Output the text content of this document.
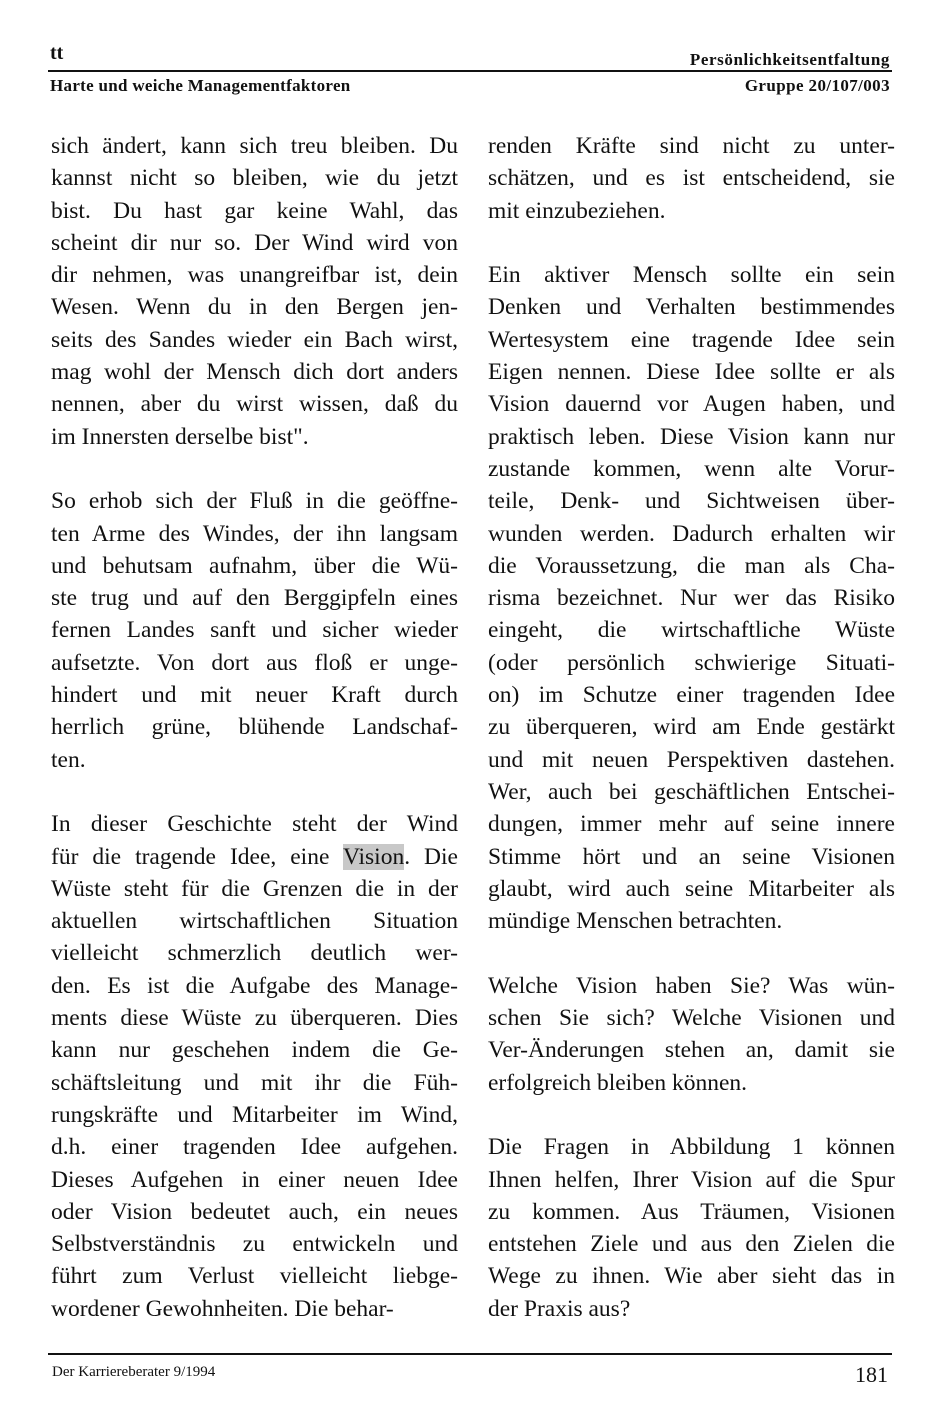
tt	Persönlichkeitsentfaltung
Harte und weiche Managementfaktoren	Gruppe 20/107/003
sich ändert, kann sich treu bleiben. Du
kannst nicht so bleiben, wie du jetzt
bist. Du hast gar keine Wahl, das
scheint dir nur so. Der Wind wird von
dir nehmen, was unangreifbar ist, dein
Wesen. Wenn du in den Bergen jen-
seits des Sandes wieder ein Bach wirst,
mag wohl der Mensch dich dort anders
nennen, aber du wirst wissen, daß du
im Innersten derselbe bist".
So erhob sich der Fluß in die geöffne-
ten Arme des Windes, der ihn langsam
und behutsam aufnahm, über die Wü-
ste trug und auf den Berggipfeln eines
fernen Landes sanft und sicher wieder
aufsetzte. Von dort aus floß er unge-
hindert und mit neuer Kraft durch
herrlich grüne, blühende Landschaf-
ten.
In dieser Geschichte steht der Wind
für die tragende Idee, eine Vision. Die
Wüste steht für die Grenzen die in der
aktuellen wirtschaftlichen Situation
vielleicht schmerzlich deutlich wer-
den. Es ist die Aufgabe des Manage-
ments diese Wüste zu überqueren. Dies
kann nur geschehen indem die Ge-
schäftsleitung und mit ihr die Füh-
rungskräfte und Mitarbeiter im Wind,
d.h. einer tragenden Idee aufgehen.
Dieses Aufgehen in einer neuen Idee
oder Vision bedeutet auch, ein neues
Selbstverständnis zu entwickeln und
führt zum Verlust vielleicht liebge-
wordener Gewohnheiten. Die behar-
renden Kräfte sind nicht zu unter-
schätzen, und es ist entscheidend, sie
mit einzubeziehen.
Ein aktiver Mensch sollte ein sein
Denken und Verhalten bestimmendes
Wertesystem eine tragende Idee sein
Eigen nennen. Diese Idee sollte er als
Vision dauernd vor Augen haben, und
praktisch leben. Diese Vision kann nur
zustande kommen, wenn alte Vorur-
teile, Denk- und Sichtweisen über-
wunden werden. Dadurch erhalten wir
die Voraussetzung, die man als Cha-
risma bezeichnet. Nur wer das Risiko
eingeht, die wirtschaftliche Wüste
(oder persönlich schwierige Situati-
on) im Schutze einer tragenden Idee
zu überqueren, wird am Ende gestärkt
und mit neuen Perspektiven dastehen.
Wer, auch bei geschäftlichen Entschei-
dungen, immer mehr auf seine innere
Stimme hört und an seine Visionen
glaubt, wird auch seine Mitarbeiter als
mündige Menschen betrachten.
Welche Vision haben Sie? Was wün-
schen Sie sich? Welche Visionen und
Ver-Änderungen stehen an, damit sie
erfolgreich bleiben können.
Die Fragen in Abbildung 1 können
Ihnen helfen, Ihrer Vision auf die Spur
zu kommen. Aus Träumen, Visionen
entstehen Ziele und aus den Zielen die
Wege zu ihnen. Wie aber sieht das in
der Praxis aus?
Der Karriereberater 9/1994	181
